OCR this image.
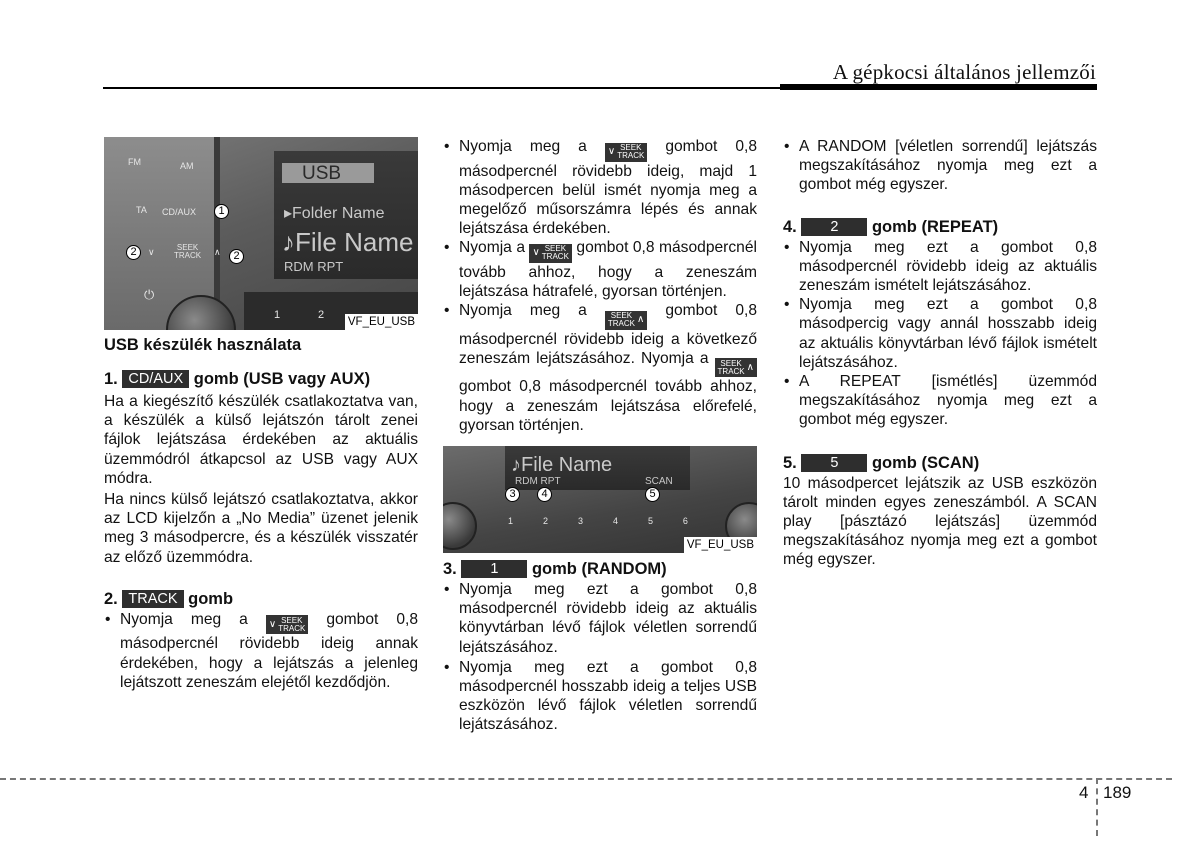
A gépkocsi általános jellemzői
FM	AM
TA CD/AUX	1
2	∨	SEEK
TRACK ∧	2
⏻
USB
▸Folder Name
♪File Name
RDM RPT
1	2
VF_EU_USB
USB készülék használata
1. CD/AUX gomb (USB vagy AUX)

Ha a kiegészítő készülék csatlakoztatva van, a készülék a külső lejátszón tárolt zenei fájlok lejátszása érdekében az aktuális üzemmódról átkapcsol az USB vagy AUX módra.

Ha nincs külső lejátszó csatlakoztatva, akkor az LCD kijelzőn a „No Media” üzenet jelenik meg 3 másodpercre, és a készülék visszatér az előző üzemmódra.

2. TRACK gomb
• Nyomja meg a ∨ SEEK
TRACK
gombot 0,8 másodpercnél rövidebb ideig annak érdekében, hogy a lejátszás a jelenleg lejátszott zeneszám elejétől kezdődjön.
• Nyomja meg a ∨ SEEK
TRACK
gombot 0,8 másodpercnél rövidebb ideig, majd 1 másodpercen belül ismét nyomja meg a megelőző műsorszámra lépés és annak lejátszása érdekében.
• Nyomja a ∨ SEEK
TRACK
gombot 0,8 másodpercnél tovább ahhoz, hogy a zeneszám lejátszása hátrafelé, gyorsan történjen.
• Nyomja meg a	SEEK
TRACK ∧
gombot 0,8 másodpercnél rövidebb ideig a következő zeneszám lejátszásához. Nyomja a	SEEK
TRACK ∧
gombot 0,8 másodpercnél tovább ahhoz, hogy a zeneszám lejátszása előrefelé, gyorsan történjen.
♪File Name
RDM RPT	SCAN
3	4	5
1	2	3	4	5	6
VF_EU_USB
3. 1 gomb (RANDOM)
• Nyomja meg ezt a gombot 0,8 másodpercnél rövidebb ideig az aktuális könyvtárban lévő fájlok véletlen sorrendű lejátszásához.
• Nyomja meg ezt a gombot 0,8 másodpercnél hosszabb ideig a teljes USB eszközön lévő fájlok véletlen sorrendű lejátszásához.
• A RANDOM [véletlen sorrendű] lejátszás megszakításához nyomja meg ezt a gombot még egyszer.
4. 2 gomb (REPEAT)
• Nyomja meg ezt a gombot 0,8 másodpercnél rövidebb ideig az aktuális zeneszám ismételt lejátszásához.
• Nyomja meg ezt a gombot 0,8 másodpercig vagy annál hosszabb ideig az aktuális könyvtárban lévő fájlok ismételt lejátszásához.
• A REPEAT [ismétlés] üzemmód megszakításához nyomja meg ezt a gombot még egyszer.
5. 5 gomb (SCAN)

10 másodpercet lejátszik az USB eszközön tárolt minden egyes zeneszámból. A SCAN play [pásztázó lejátszás] üzemmód megszakításához nyomja meg ezt a gombot még egyszer.

4 189
